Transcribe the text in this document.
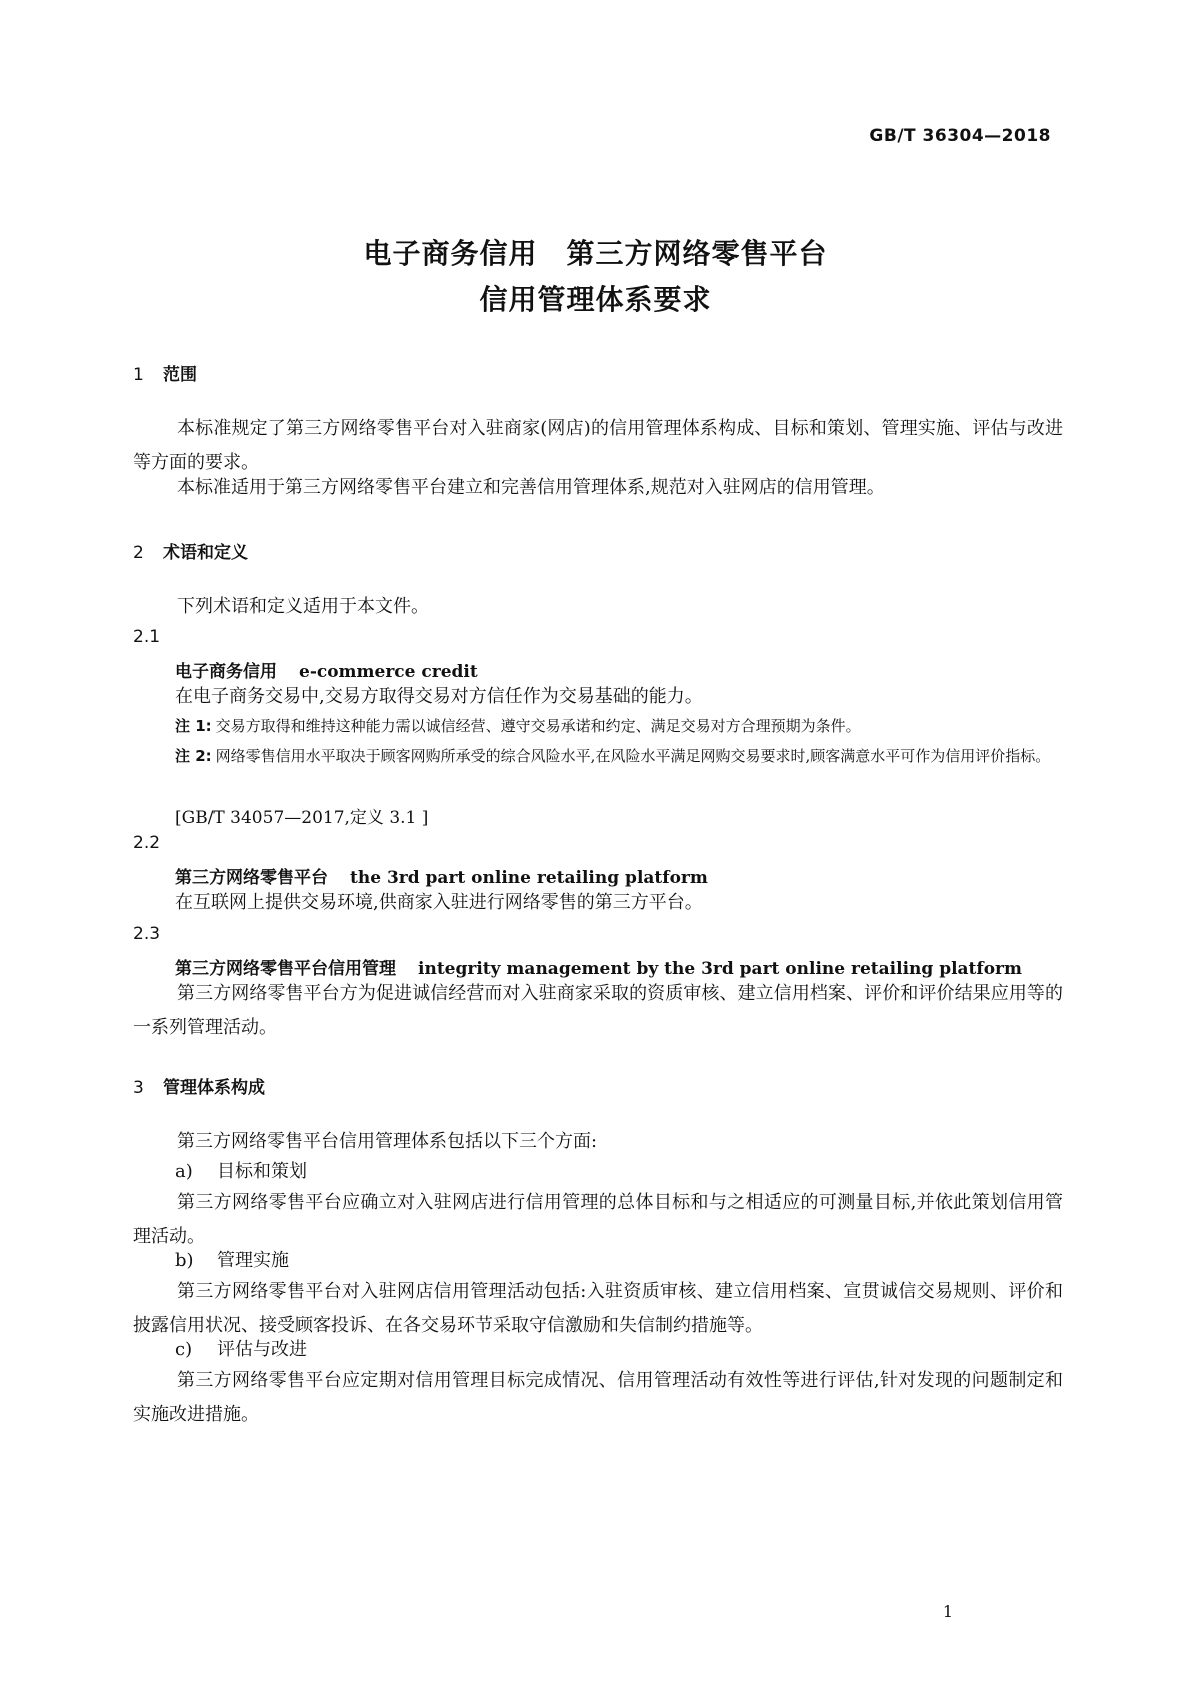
GB/T 36304—2018
电子商务信用　第三方网络零售平台
信用管理体系要求
1 范围
本标准规定了第三方网络零售平台对入驻商家(网店)的信用管理体系构成、目标和策划、管理实施、评估与改进等方面的要求。
本标准适用于第三方网络零售平台建立和完善信用管理体系,规范对入驻网店的信用管理。
2 术语和定义
下列术语和定义适用于本文件。
2.1
电子商务信用 e-commerce credit
在电子商务交易中,交易方取得交易对方信任作为交易基础的能力。
注 1: 交易方取得和维持这种能力需以诚信经营、遵守交易承诺和约定、满足交易对方合理预期为条件。
注 2: 网络零售信用水平取决于顾客网购所承受的综合风险水平,在风险水平满足网购交易要求时,顾客满意水平可作为信用评价指标。
[GB/T 34057—2017,定义 3.1 ]
2.2
第三方网络零售平台 the 3rd part online retailing platform
在互联网上提供交易环境,供商家入驻进行网络零售的第三方平台。
2.3
第三方网络零售平台信用管理 integrity management by the 3rd part online retailing platform
第三方网络零售平台方为促进诚信经营而对入驻商家采取的资质审核、建立信用档案、评价和评价结果应用等的一系列管理活动。
3 管理体系构成
第三方网络零售平台信用管理体系包括以下三个方面:
a) 目标和策划
第三方网络零售平台应确立对入驻网店进行信用管理的总体目标和与之相适应的可测量目标,并依此策划信用管理活动。
b) 管理实施
第三方网络零售平台对入驻网店信用管理活动包括:入驻资质审核、建立信用档案、宣贯诚信交易规则、评价和披露信用状况、接受顾客投诉、在各交易环节采取守信激励和失信制约措施等。
c) 评估与改进
第三方网络零售平台应定期对信用管理目标完成情况、信用管理活动有效性等进行评估,针对发现的问题制定和实施改进措施。
1
